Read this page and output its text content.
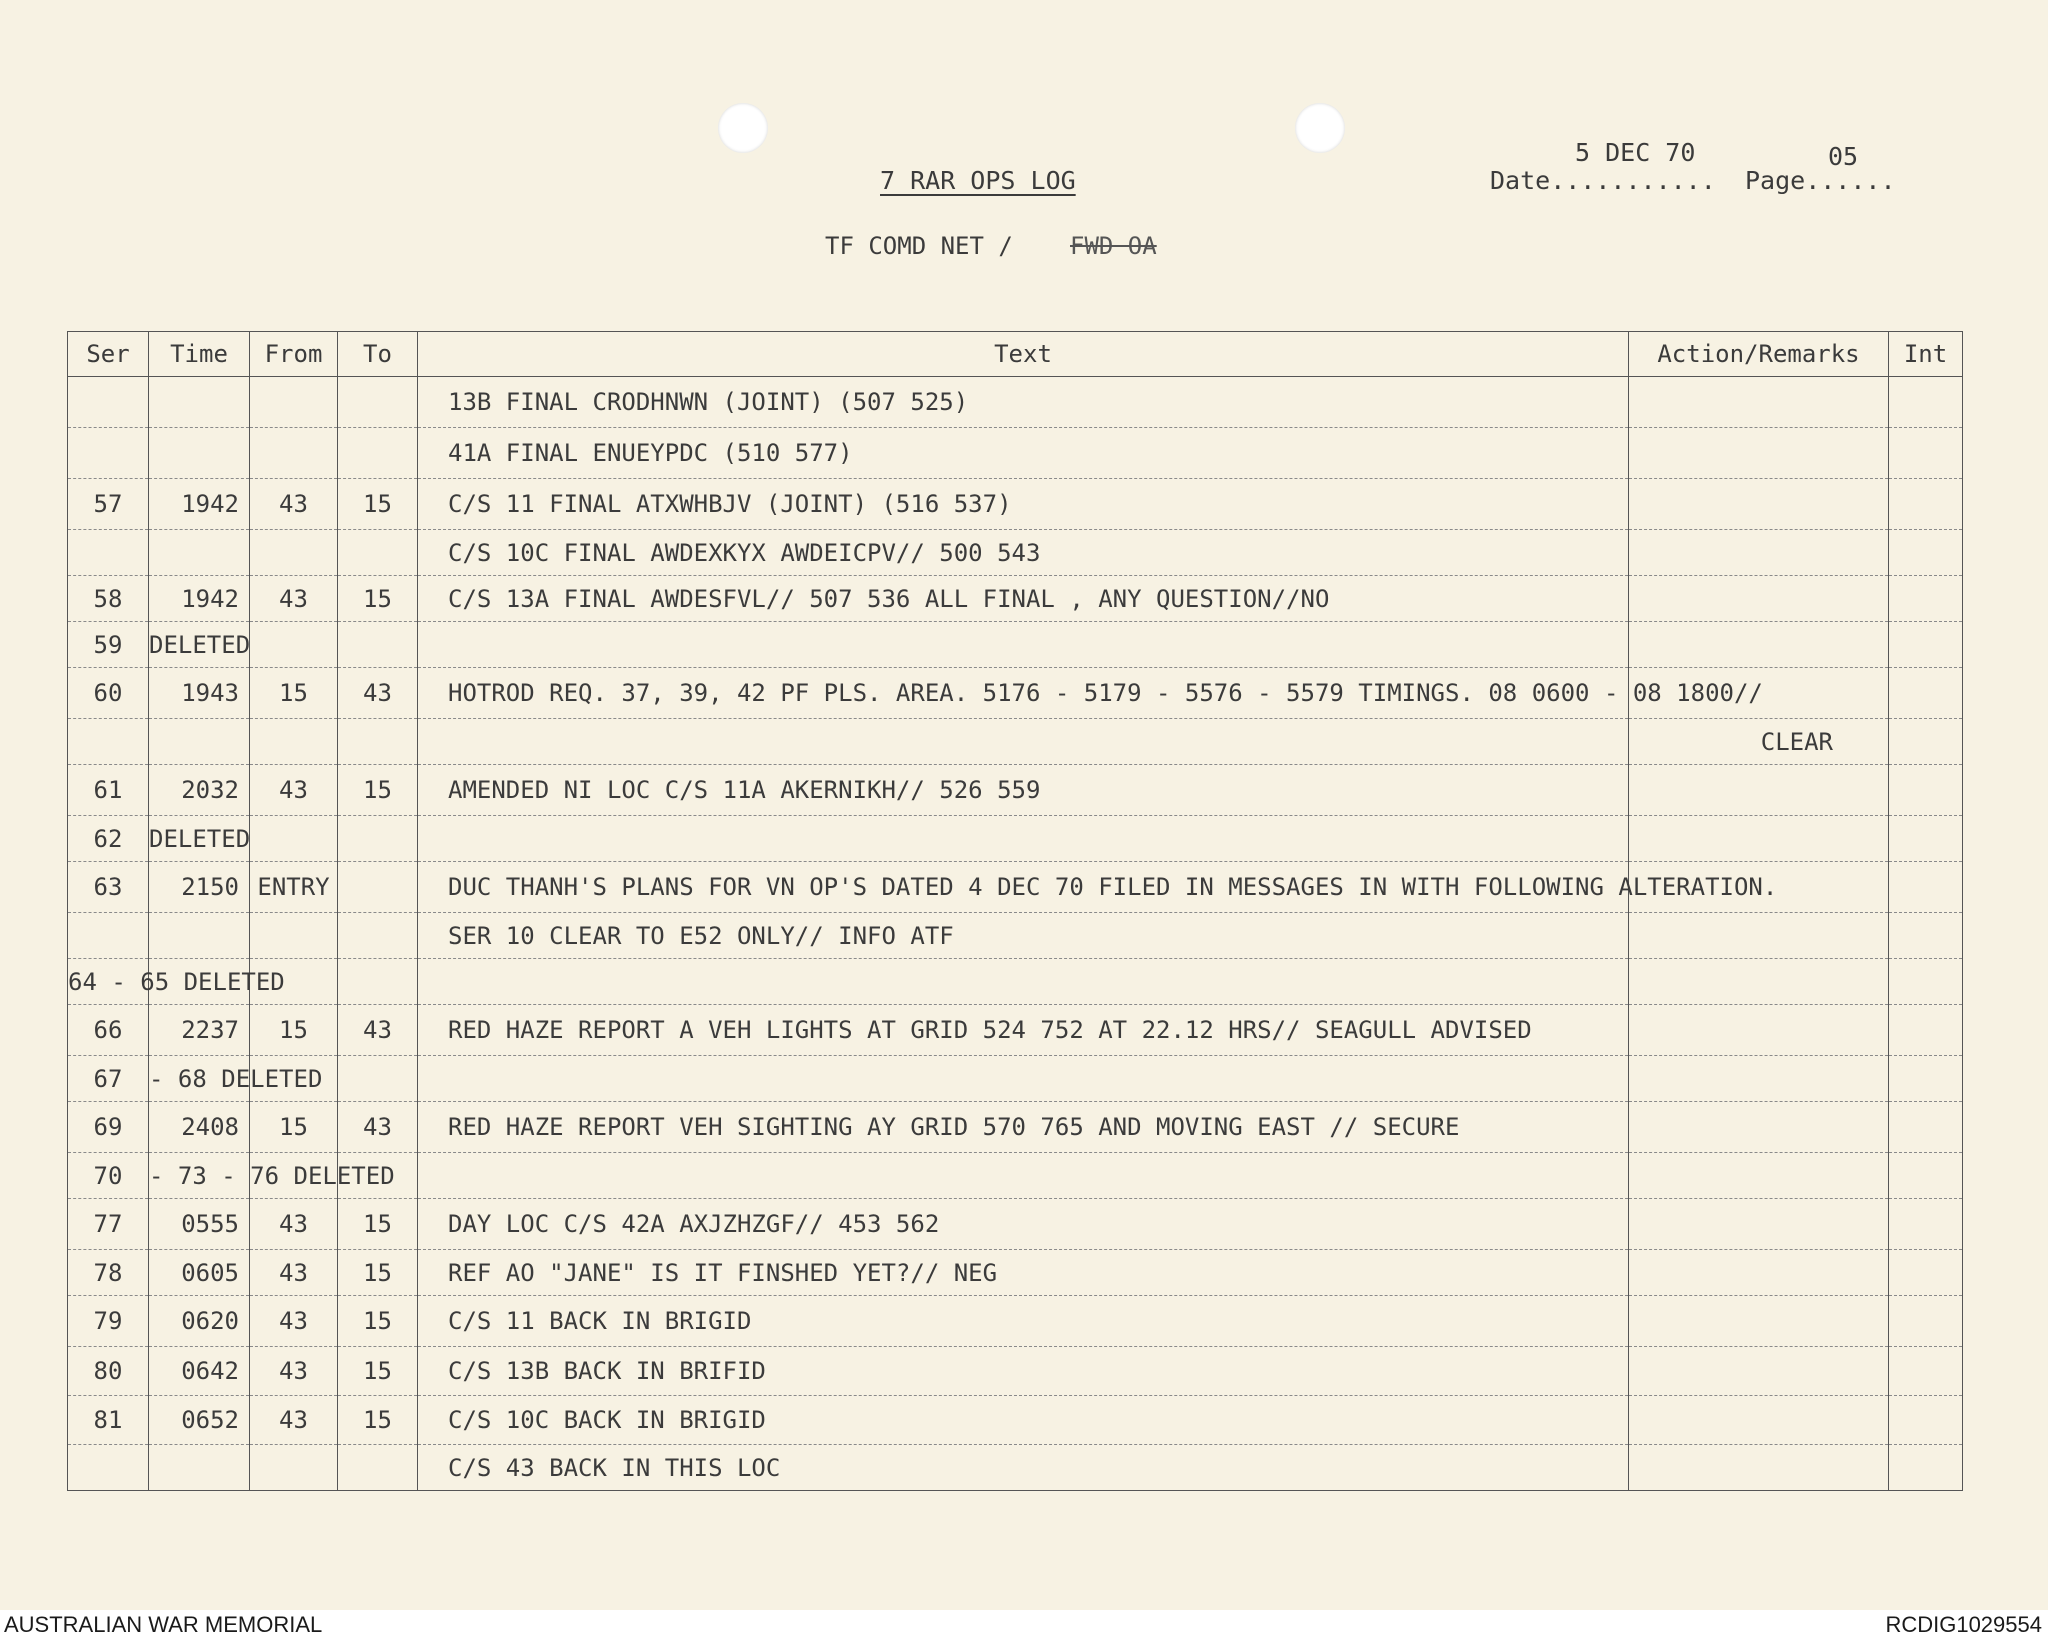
7 RAR OPS LOG
TF COMD NET / FWD OA
Date...........
5 DEC 70
Page......
05
Ser	Time	From	To	Text	Action/Remarks	Int
				13B FINAL CRODHNWN (JOINT) (507 525)		
				41A FINAL ENUEYPDC (510 577)		
57	1942	43	15	C/S 11 FINAL ATXWHBJV (JOINT) (516 537)		
				C/S 10C FINAL AWDEXKYX AWDEICPV// 500 543		
58	1942	43	15	C/S 13A FINAL AWDESFVL// 507 536 ALL FINAL , ANY QUESTION//NO		
59	DELETED					
60	1943	15	43	HOTROD REQ. 37, 39, 42 PF PLS. AREA. 5176 - 5179 - 5576 - 5579 TIMINGS. 08 0600 - 08 1800//		
					CLEAR	
61	2032	43	15	AMENDED NI LOC C/S 11A AKERNIKH// 526 559		
62	DELETED					
63	2150	ENTRY		DUC THANH'S PLANS FOR VN OP'S DATED 4 DEC 70 FILED IN MESSAGES IN WITH FOLLOWING ALTERATION.		
				SER 10 CLEAR TO E52 ONLY// INFO ATF		
64 - 65 DELETED						
66	2237	15	43	RED HAZE REPORT A VEH LIGHTS AT GRID 524 752 AT 22.12 HRS// SEAGULL ADVISED		
67	- 68 DELETED					
69	2408	15	43	RED HAZE REPORT VEH SIGHTING AY GRID 570 765 AND MOVING EAST // SECURE		
70	- 73 - 76 DELETED					
77	0555	43	15	DAY LOC C/S 42A AXJZHZGF// 453 562		
78	0605	43	15	REF AO "JANE" IS IT FINSHED YET?// NEG		
79	0620	43	15	C/S 11 BACK IN BRIGID		
80	0642	43	15	C/S 13B BACK IN BRIFID		
81	0652	43	15	C/S 10C BACK IN BRIGID		
				C/S 43 BACK IN THIS LOC		
AUSTRALIAN WAR MEMORIAL	RCDIG1029554
